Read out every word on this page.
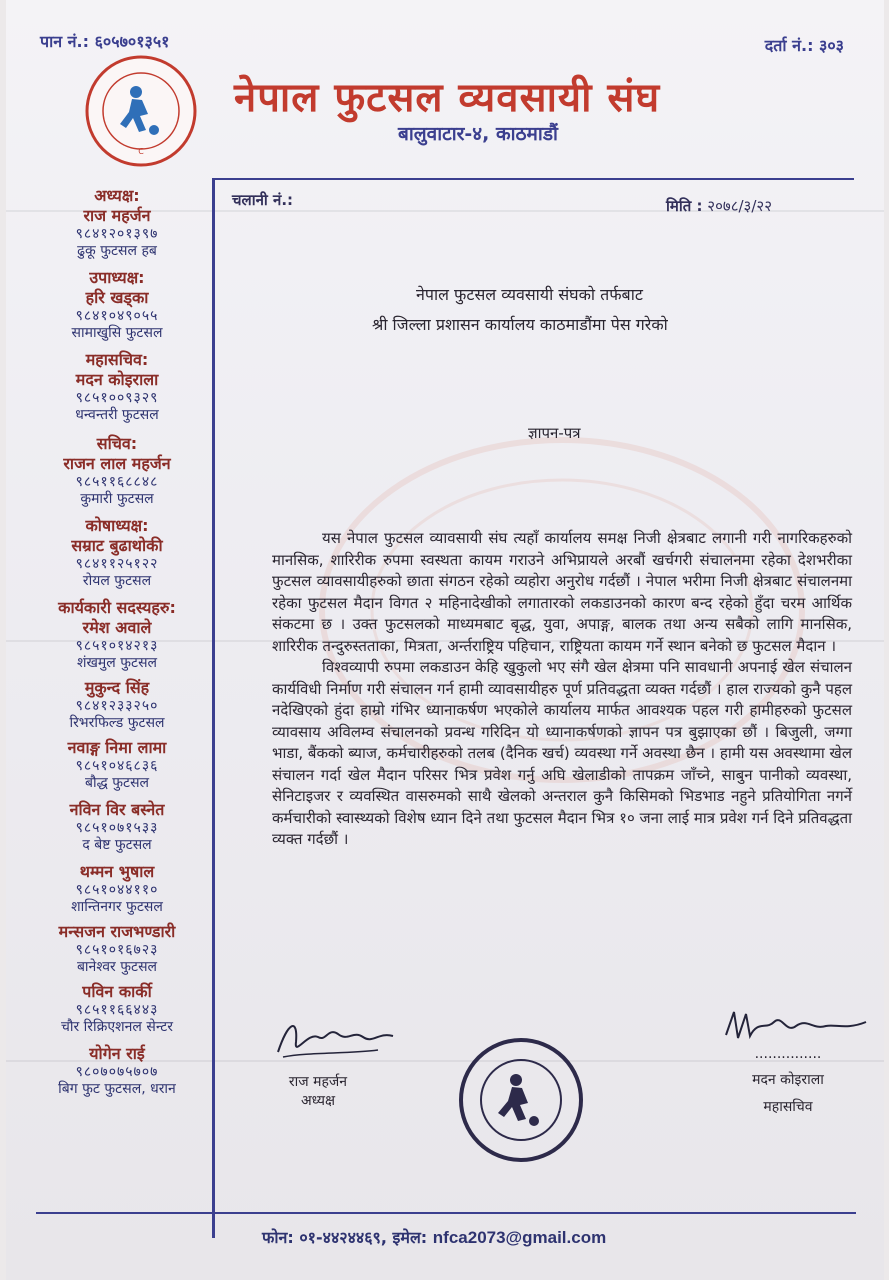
पान नं.: ६०५७०१३५१	दर्ता नं.: ३०३
C
नेपाल फुटसल व्यवसायी संघ
बालुवाटार-४, काठमाडौं
अध्यक्ष:
राज महर्जन
९८४१२०१३९७
ढुकू फुटसल हब
उपाध्यक्ष:
हरि खड्का
९८४१०४९०५५
सामाखुसि फुटसल
महासचिव:
मदन कोइराला
९८५१००९३२९
धन्वन्तरी फुटसल
सचिव:
राजन लाल महर्जन
९८५११६८८४८
कुमारी फुटसल
कोषाध्यक्ष:
सम्राट बुढाथोकी
९८४११२५१२२
रोयल फुटसल
कार्यकारी सदस्यहरु:
रमेश अवाले
९८५१०१४२१३
शंखमुल फुटसल
मुकुन्द सिंह
९८४१२३३२५०
रिभरफिल्ड फुटसल
नवाङ्ग निमा लामा
९८५१०४६८३६
बौद्ध फुटसल
नविन विर बस्नेत
९८५१०७१५३३
द बेष्ट फुटसल
थम्मन भुषाल
९८५१०४४११०
शान्तिनगर फुटसल
मन्सजन राजभण्डारी
९८५१०१६७२३
बानेश्वर फुटसल
पविन कार्की
९८५११६६४४३
चौर रिक्रिएशनल सेन्टर
योगेन राई
९८०७०७५७०७
बिग फुट फुटसल, धरान
चलानी नं.:	मिति : २०७८/३/२२
नेपाल फुटसल व्यवसायी संघको तर्फबाट
श्री जिल्ला प्रशासन कार्यालय काठमाडौंमा पेस गरेको
ज्ञापन-पत्र

यस नेपाल फुटसल व्यावसायी संघ त्यहाँ कार्यालय समक्ष निजी क्षेत्रबाट लगानी गरी नागरिकहरुको मानसिक, शारिरीक रुपमा स्वस्थता कायम गराउने अभिप्रायले अरबौं खर्चगरी संचालनमा रहेका देशभरीका फुटसल व्यावसायीहरुको छाता संगठन रहेको व्यहोरा अनुरोध गर्दछौं । नेपाल भरीमा निजी क्षेत्रबाट संचालनमा रहेका फुटसल मैदान विगत २ महिनादेखीको लगातारको लकडाउनको कारण बन्द रहेको हुँदा चरम आर्थिक संकटमा छ । उक्त फुटसलको माध्यमबाट बृद्ध, युवा, अपाङ्ग, बालक तथा अन्य सबैको लागि मानसिक, शारिरीक तन्दुरुस्तताका, मित्रता, अर्न्तराष्ट्रिय पहिचान, राष्ट्रियता कायम गर्ने स्थान बनेको छ फुटसल मैदान ।

विश्वव्यापी रुपमा लकडाउन केहि खुकुलो भए संगै खेल क्षेत्रमा पनि सावधानी अपनाई खेल संचालन कार्यविधी निर्माण गरी संचालन गर्न हामी व्यावसायीहरु पूर्ण प्रतिवद्धता व्यक्त गर्दछौं । हाल राज्यको कुनै पहल नदेखिएको हुंदा हाम्रो गंभिर ध्यानाकर्षण भएकोले कार्यालय मार्फत आवश्यक पहल गरी हामीहरुको फुटसल व्यावसाय अविलम्व संचालनको प्रवन्ध गरिदिन यो ध्यानाकर्षणको ज्ञापन पत्र बुझाएका छौं । बिजुली, जग्गा भाडा, बैंकको ब्याज, कर्मचारीहरुको तलब (दैनिक खर्च) व्यवस्था गर्ने अवस्था छैन । हामी यस अवस्थामा खेल संचालन गर्दा खेल मैदान परिसर भित्र प्रवेश गर्नु अघि खेलाडीको तापक्रम जाँच्ने, साबुन पानीको व्यवस्था, सेनिटाइजर र व्यवस्थित वासरुमको साथै खेलको अन्तराल कुनै किसिमको भिडभाड नहुने प्रतियोगिता नगर्ने कर्मचारीको स्वास्थ्यको विशेष ध्यान दिने तथा फुटसल मैदान भित्र १० जना लाई मात्र प्रवेश गर्न दिने प्रतिवद्धता व्यक्त गर्दछौं ।

राज महर्जन
अध्यक्ष
...............
मदन कोइराला
महासचिव
फोन: ०१-४४२४४६९, इमेल: nfca2073@gmail.com
